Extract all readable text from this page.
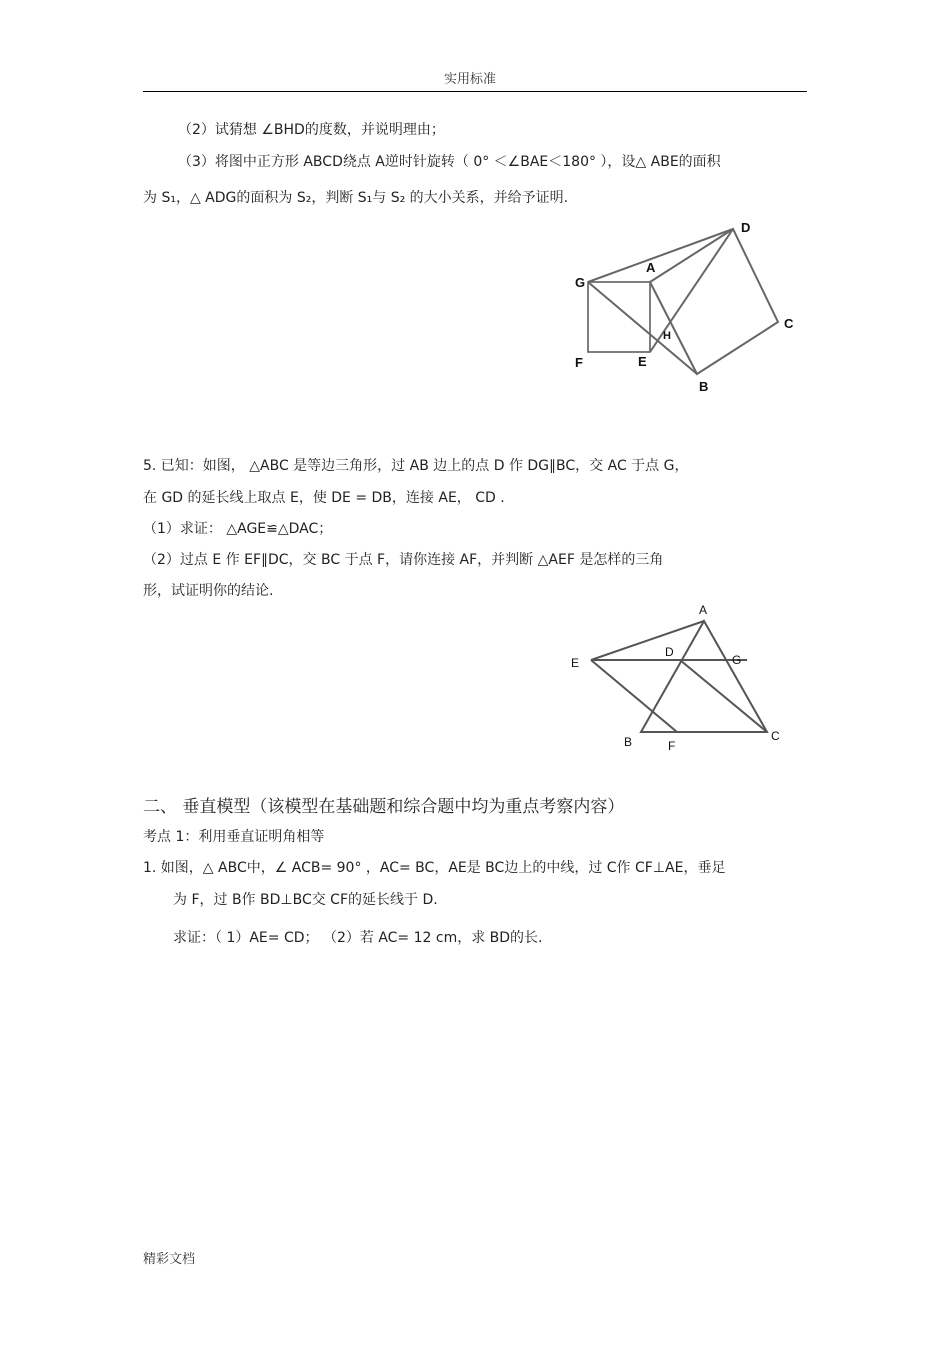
实用标准
（2）试猜想 ∠BHD的度数，并说明理由；
（3）将图中正方形 ABCD绕点 A逆时针旋转（ 0° ＜∠BAE＜180° ），设△ ABE的面积
为 S₁，△ ADG的面积为 S₂，判断 S₁与 S₂ 的大小关系，并给予证明.
D
A
G
C
H
F	E
B
5. 已知：如图， △ABC 是等边三角形，过 AB 边上的点 D 作 DG∥BC，交 AC 于点 G，
在 GD 的延长线上取点 E，使 DE = DB，连接 AE， CD .
（1）求证： △AGE≌△DAC；
（2）过点 E 作 EF∥DC，交 BC 于点 F，请你连接 AF，并判断 △AEF 是怎样的三角
形，试证明你的结论.
A
E
D
G
B	F
C
二、 垂直模型（该模型在基础题和综合题中均为重点考察内容）
考点 1：利用垂直证明角相等
1. 如图，△ ABC中，∠ ACB= 90° ，AC= BC，AE是 BC边上的中线，过 C作 CF⊥AE，垂足
为 F，过 B作 BD⊥BC交 CF的延长线于 D.
求证：（ 1）AE= CD； （2）若 AC= 12 cm，求 BD的长.
精彩文档
